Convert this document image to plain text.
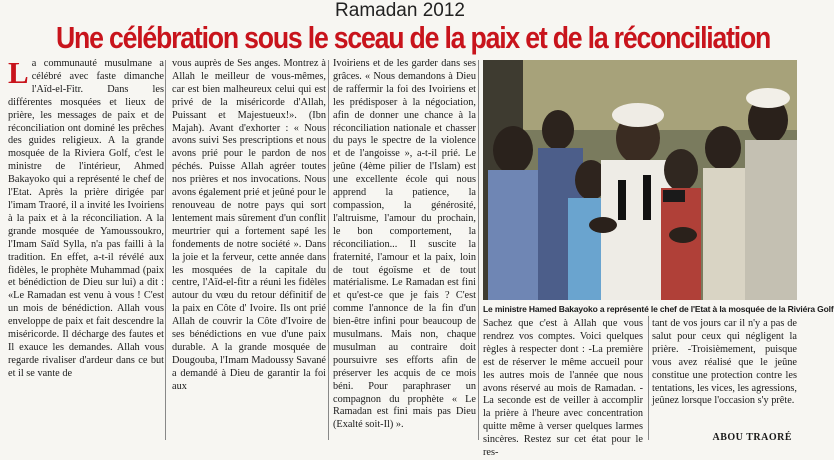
Ramadan 2012
Une célébration sous le sceau de la paix et de la réconciliation
L a communauté musulmane a célébré avec faste dimanche l'Aïd-el-Fitr. Dans les différentes mosquées et lieux de prière, les messages de paix et de réconciliation ont dominé les prêches des guides religieux. A la grande mosquée de la Riviera Golf, c'est le ministre de l'intérieur, Ahmed Bakayoko qui a représenté le chef de l'Etat. Après la prière dirigée par l'imam Traoré, il a invité les Ivoiriens à la paix et à la réconciliation. A la grande mosquée de Yamoussoukro, l'Imam Saïd Sylla, n'a pas failli à la tradition. En effet, a-t-il révélé aux fidèles, le prophète Muhammad (paix et bénédiction de Dieu sur lui) a dit : «Le Ramadan est venu à vous ! C'est un mois de bénédiction. Allah vous enveloppe de paix et fait descendre la miséricorde. Il décharge des fautes et Il exauce les demandes. Allah vous regarde rivaliser d'ardeur dans ce but et il se vante de

vous auprès de Ses anges. Montrez à Allah le meilleur de vous-mêmes, car est bien malheureux celui qui est privé de la miséricorde d'Allah, Puissant et Majestueux!». (Ibn Majah). Avant d'exhorter : « Nous avons suivi Ses prescriptions et nous avons prié pour le pardon de nos péchés. Puisse Allah agréer toutes nos prières et nos invocations. Nous avons également prié et jeûné pour le renouveau de notre pays qui sort lentement mais sûrement d'un conflit meurtrier qui a fortement sapé les fondements de notre société ». Dans la joie et la ferveur, cette année dans les mosquées de la capitale du centre, l'Aïd-el-fitr a réuni les fidèles autour du vœu du retour définitif de la paix en Côte d' Ivoire. Ils ont prié Allah de couvrir la Côte d'Ivoire de ses bénédictions en vue d'une paix durable. A la grande mosquée de Dougouba, l'Imam Madoussy Savané a demandé à Dieu de garantir la foi aux

Ivoiriens et de les garder dans ses grâces. « Nous demandons à Dieu de raffermir la foi des Ivoiriens et les prédisposer à la négociation, afin de donner une chance à la réconciliation nationale et chasser du pays le spectre de la violence et de l'angoisse », a-t-il prié. Le jeûne (4ème pilier de l'Islam) est une excellente école qui nous apprend la patience, la compassion, la générosité, l'altruisme, l'amour du prochain, le bon comportement, la réconciliation... Il suscite la fraternité, l'amour et la paix, loin de tout égoïsme et de tout matérialisme. Le Ramadan est fini et qu'est-ce que je fais ? C'est comme l'annonce de la fin d'un bien-être infini pour beaucoup de musulmans. Mais non, chaque musulman au contraire doit poursuivre ses efforts afin de préserver les acquis de ce mois béni. Pour paraphraser un compagnon du prophète « Le Ramadan est fini mais pas Dieu (Exalté soit-Il) ».

Le ministre Hamed Bakayoko a représenté le chef de l'Etat à la mosquée de la Riviéra Golf

Sachez que c'est à Allah que vous rendrez vos comptes. Voici quelques règles à respecter dont : -La première est de réserver le même accueil pour les autres mois de l'année que nous avons réservé au mois de Ramadan. -La seconde est de veiller à accomplir la prière à l'heure avec concentration quitte même à verser quelques larmes sincères. Restez sur cet état pour le res-

tant de vos jours car il n'y a pas de salut pour ceux qui négligent la prière. -Troisièmement, puisque vous avez réalisé que le jeûne constitue une protection contre les tentations, les vices, les agressions, jeûnez lorsque l'occasion s'y prête.

ABOU TRAORÉ
